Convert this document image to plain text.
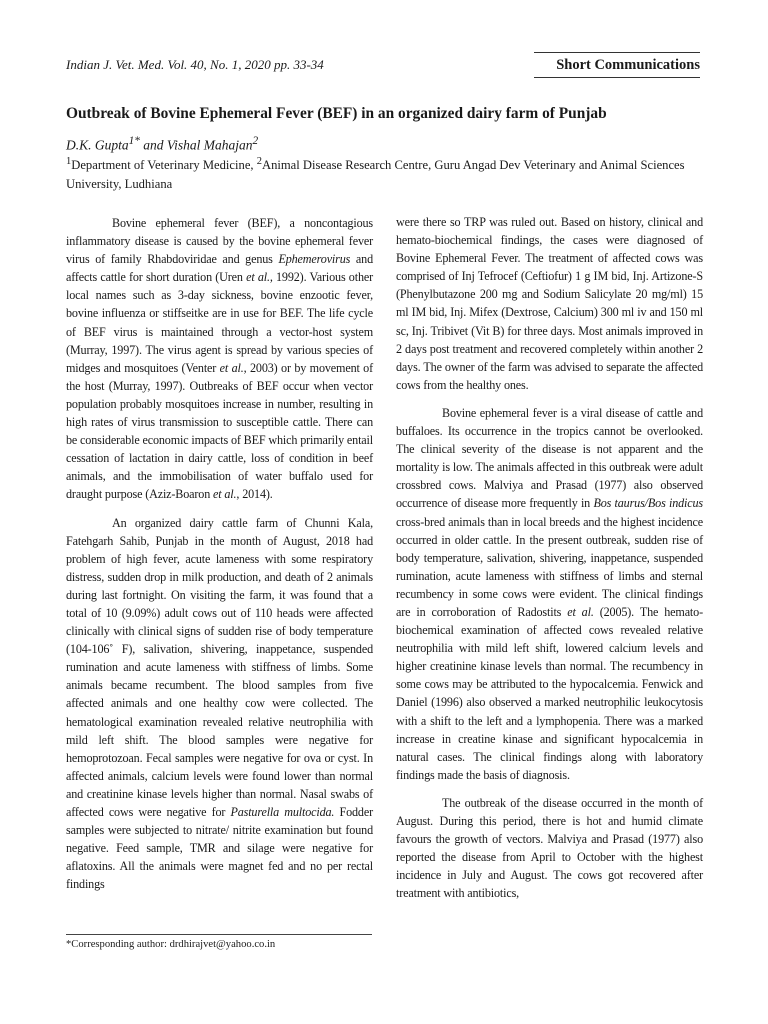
Indian J. Vet. Med. Vol. 40, No. 1, 2020 pp. 33-34	Short Communications
Outbreak of Bovine Ephemeral Fever (BEF) in an organized dairy farm of Punjab
D.K. Gupta$^{1*}$ and Vishal Mahajan$^2$
$^1$Department of Veterinary Medicine, $^2$Animal Disease Research Centre, Guru Angad Dev Veterinary and Animal Sciences University, Ludhiana

Bovine ephemeral fever (BEF), a noncontagious inflammatory disease is caused by the bovine ephemeral fever virus of family Rhabdoviridae and genus Ephemerovirus and affects cattle for short duration (Uren et al., 1992). Various other local names such as 3-day sickness, bovine enzootic fever, bovine influenza or stiffseitke are in use for BEF. The life cycle of BEF virus is maintained through a vector-host system (Murray, 1997). The virus agent is spread by various species of midges and mosquitoes (Venter et al., 2003) or by movement of the host (Murray, 1997). Outbreaks of BEF occur when vector population probably mosquitoes increase in number, resulting in high rates of virus transmission to susceptible cattle. There can be considerable economic impacts of BEF which primarily entail cessation of lactation in dairy cattle, loss of condition in beef animals, and the immobilisation of water buffalo used for draught purpose (Aziz-Boaron et al., 2014).

An organized dairy cattle farm of Chunni Kala, Fatehgarh Sahib, Punjab in the month of August, 2018 had problem of high fever, acute lameness with some respiratory distress, sudden drop in milk production, and death of 2 animals during last fortnight. On visiting the farm, it was found that a total of 10 (9.09%) adult cows out of 110 heads were affected clinically with clinical signs of sudden rise of body temperature (104-106˚ F), salivation, shivering, inappetance, suspended rumination and acute lameness with stiffness of limbs. Some animals became recumbent. The blood samples from five affected animals and one healthy cow were collected. The hematological examination revealed relative neutrophilia with mild left shift. The blood samples were negative for hemoprotozoan. Fecal samples were negative for ova or cyst. In affected animals, calcium levels were found lower than normal and creatinine kinase levels higher than normal. Nasal swabs of affected cows were negative for Pasturella multocida. Fodder samples were subjected to nitrate/ nitrite examination but found negative. Feed sample, TMR and silage were negative for aflatoxins. All the animals were magnet fed and no per rectal findings

were there so TRP was ruled out. Based on history, clinical and hemato-biochemical findings, the cases were diagnosed of Bovine Ephemeral Fever. The treatment of affected cows was comprised of Inj Tefrocef (Ceftiofur) 1 g IM bid, Inj. Artizone-S (Phenylbutazone 200 mg and Sodium Salicylate 20 mg/ml) 15 ml IM bid, Inj. Mifex (Dextrose, Calcium) 300 ml iv and 150 ml sc, Inj. Tribivet (Vit B) for three days. Most animals improved in 2 days post treatment and recovered completely within another 2 days. The owner of the farm was advised to separate the affected cows from the healthy ones.

Bovine ephemeral fever is a viral disease of cattle and buffaloes. Its occurrence in the tropics cannot be overlooked. The clinical severity of the disease is not apparent and the mortality is low. The animals affected in this outbreak were adult crossbred cows. Malviya and Prasad (1977) also observed occurrence of disease more frequently in Bos taurus/Bos indicus cross-bred animals than in local breeds and the highest incidence occurred in older cattle. In the present outbreak, sudden rise of body temperature, salivation, shivering, inappetance, suspended rumination, acute lameness with stiffness of limbs and sternal recumbency in some cows were evident. The clinical findings are in corroboration of Radostits et al. (2005). The hemato-biochemical examination of affected cows revealed relative neutrophilia with mild left shift, lowered calcium levels and higher creatinine kinase levels than normal. The recumbency in some cows may be attributed to the hypocalcemia. Fenwick and Daniel (1996) also observed a marked neutrophilic leukocytosis with a shift to the left and a lymphopenia. There was a marked increase in creatine kinase and significant hypocalcemia in natural cases. The clinical findings along with laboratory findings made the basis of diagnosis.

The outbreak of the disease occurred in the month of August. During this period, there is hot and humid climate favours the growth of vectors. Malviya and Prasad (1977) also reported the disease from April to October with the highest incidence in July and August. The cows got recovered after treatment with antibiotics,

*Corresponding author: drdhirajvet@yahoo.co.in
